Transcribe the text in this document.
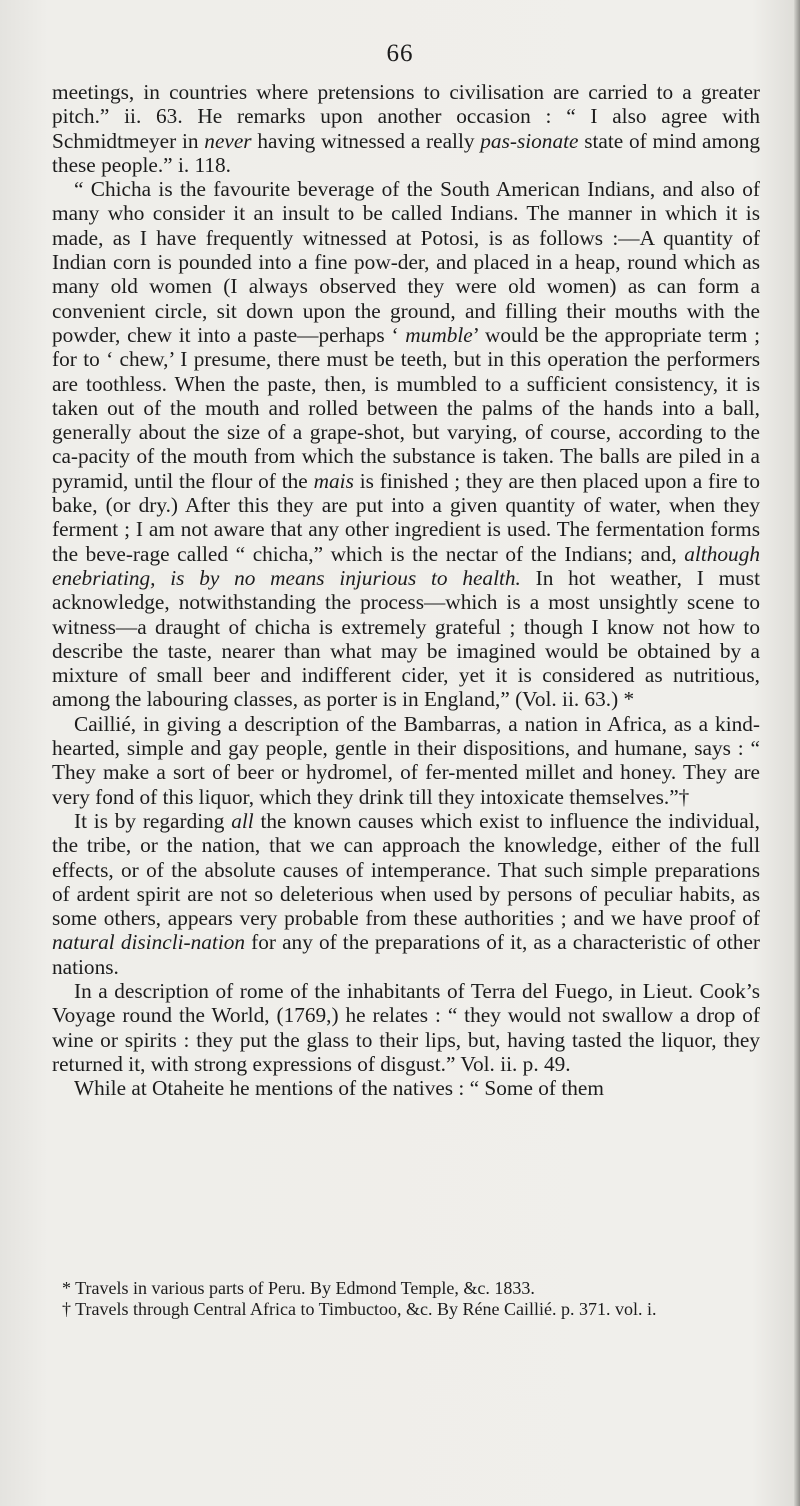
66

meetings, in countries where pretensions to civilisation are carried to a greater pitch.” ii. 63. He remarks upon another occasion : “ I also agree with Schmidtmeyer in never having witnessed a really pas-sionate state of mind among these people.” i. 118.

“ Chicha is the favourite beverage of the South American Indians, and also of many who consider it an insult to be called Indians. The manner in which it is made, as I have frequently witnessed at Potosi, is as follows :—A quantity of Indian corn is pounded into a fine pow-der, and placed in a heap, round which as many old women (I always observed they were old women) as can form a convenient circle, sit down upon the ground, and filling their mouths with the powder, chew it into a paste—perhaps ‘ mumble’ would be the appropriate term ; for to ‘ chew,’ I presume, there must be teeth, but in this operation the performers are toothless. When the paste, then, is mumbled to a sufficient consistency, it is taken out of the mouth and rolled between the palms of the hands into a ball, generally about the size of a grape-shot, but varying, of course, according to the ca-pacity of the mouth from which the substance is taken. The balls are piled in a pyramid, until the flour of the mais is finished ; they are then placed upon a fire to bake, (or dry.) After this they are put into a given quantity of water, when they ferment ; I am not aware that any other ingredient is used. The fermentation forms the beve-rage called “ chicha,” which is the nectar of the Indians; and, although enebriating, is by no means injurious to health. In hot weather, I must acknowledge, notwithstanding the process—which is a most unsightly scene to witness—a draught of chicha is extremely grateful ; though I know not how to describe the taste, nearer than what may be imagined would be obtained by a mixture of small beer and indifferent cider, yet it is considered as nutritious, among the labouring classes, as porter is in England,” (Vol. ii. 63.) *

Caillié, in giving a description of the Bambarras, a nation in Africa, as a kind-hearted, simple and gay people, gentle in their dispositions, and humane, says : “ They make a sort of beer or hydromel, of fer-mented millet and honey. They are very fond of this liquor, which they drink till they intoxicate themselves.”†

It is by regarding all the known causes which exist to influence the individual, the tribe, or the nation, that we can approach the knowledge, either of the full effects, or of the absolute causes of intemperance. That such simple preparations of ardent spirit are not so deleterious when used by persons of peculiar habits, as some others, appears very probable from these authorities ; and we have proof of natural disincli-nation for any of the preparations of it, as a characteristic of other nations.

In a description of rome of the inhabitants of Terra del Fuego, in Lieut. Cook’s Voyage round the World, (1769,) he relates : “ they would not swallow a drop of wine or spirits : they put the glass to their lips, but, having tasted the liquor, they returned it, with strong expressions of disgust.” Vol. ii. p. 49.

While at Otaheite he mentions of the natives : “ Some of them

* Travels in various parts of Peru. By Edmond Temple, &c. 1833.

† Travels through Central Africa to Timbuctoo, &c. By Réne Caillié. p. 371. vol. i.
